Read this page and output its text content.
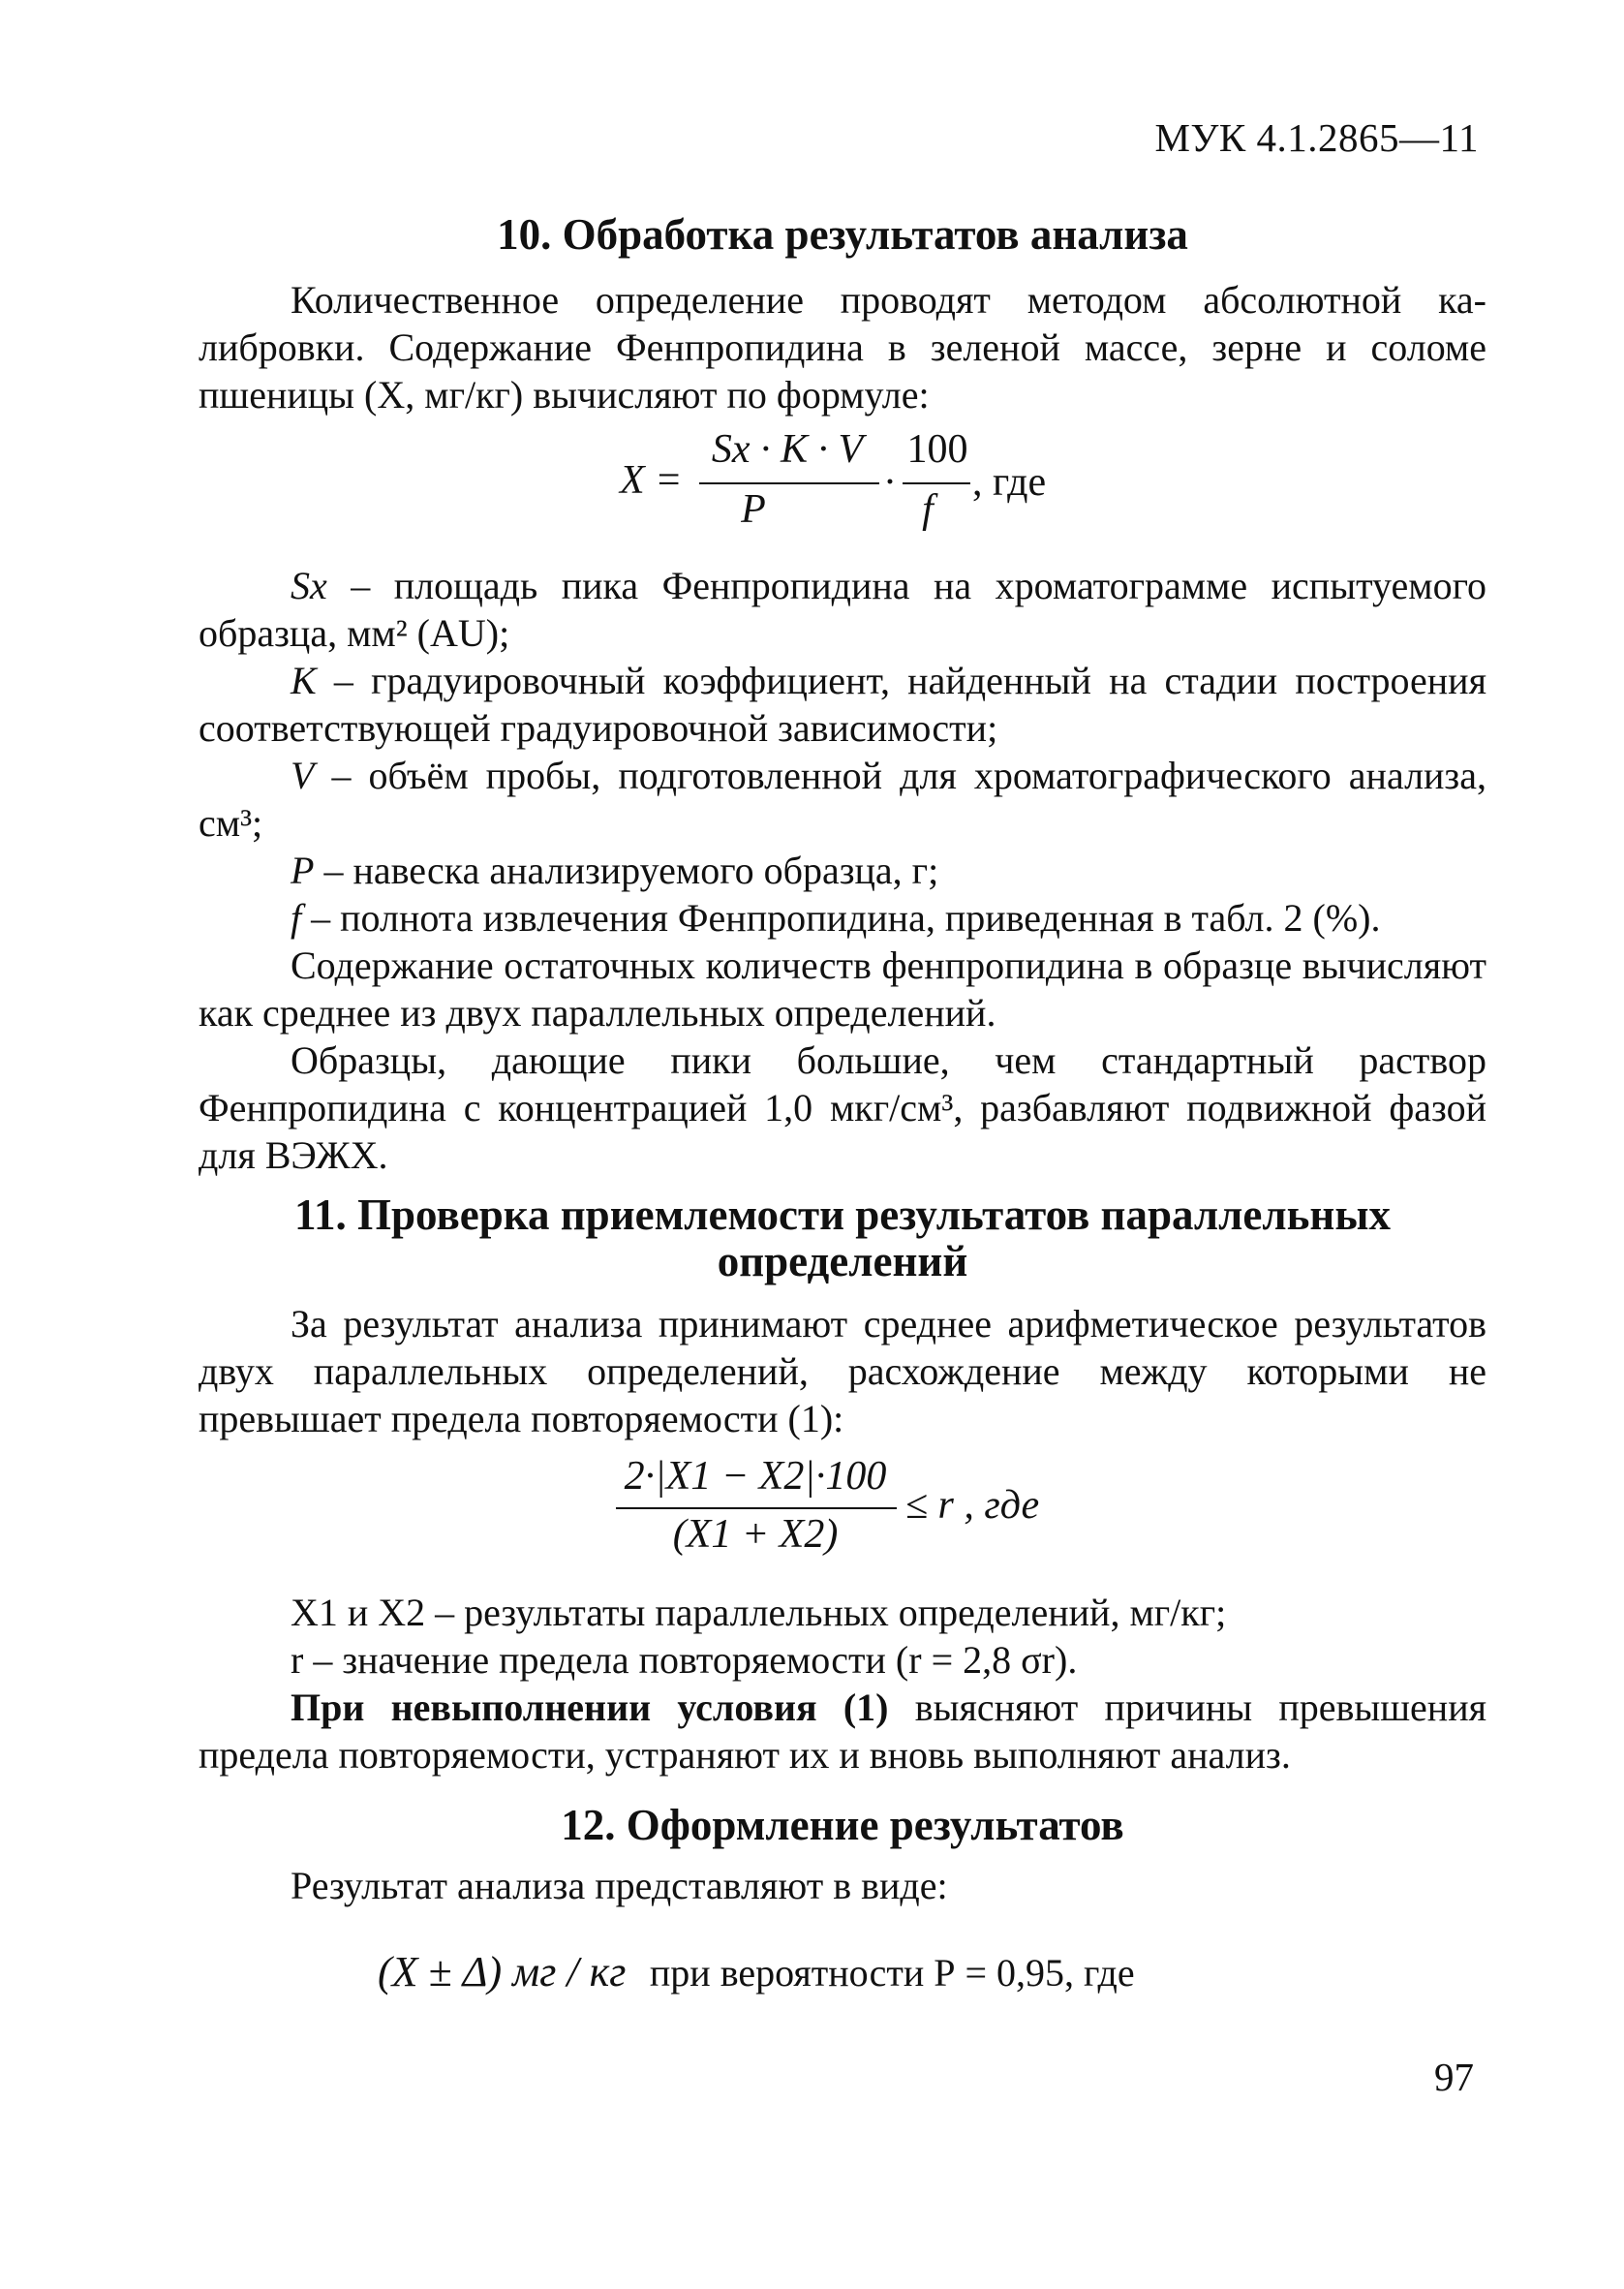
МУК 4.1.2865—11
10. Обработка результатов анализа

Количественное определение проводят методом абсолютной ка-

либровки. Содержание Фенпропидина в зеленой массе, зерне и соломе пшеницы (X, мг/кг) вычисляют по формуле:

X =
Sx · K · V
P
·
100
f
, где

Sx – площадь пика Фенпропидина на хроматограмме испытуемого образца, мм² (AU);

K – градуировочный коэффициент, найденный на стадии построения соответствующей градуировочной зависимости;

V – объём пробы, подготовленной для хроматографического анализа, см³;

P – навеска анализируемого образца, г;

f – полнота извлечения Фенпропидина, приведенная в табл. 2 (%).

Содержание остаточных количеств фенпропидина в образце вычисляют как среднее из двух параллельных определений.

Образцы, дающие пики большие, чем стандартный раствор Фенпропидина с концентрацией 1,0 мкг/см³, разбавляют подвижной фазой для ВЭЖХ.

11. Проверка приемлемости результатов параллельных
определений

За результат анализа принимают среднее арифметическое результатов двух параллельных определений, расхождение между которыми не превышает предела повторяемости (1):

2·|X1 − X2|·100
(X1 + X2)
≤ r , где

X1 и X2 – результаты параллельных определений, мг/кг;

r – значение предела повторяемости (r = 2,8 σr).

При невыполнении условия (1) выясняют причины превышения предела повторяемости, устраняют их и вновь выполняют анализ.

12. Оформление результатов

Результат анализа представляют в виде:

(X ± Δ) мг / кг при вероятности Р = 0,95, где
97
